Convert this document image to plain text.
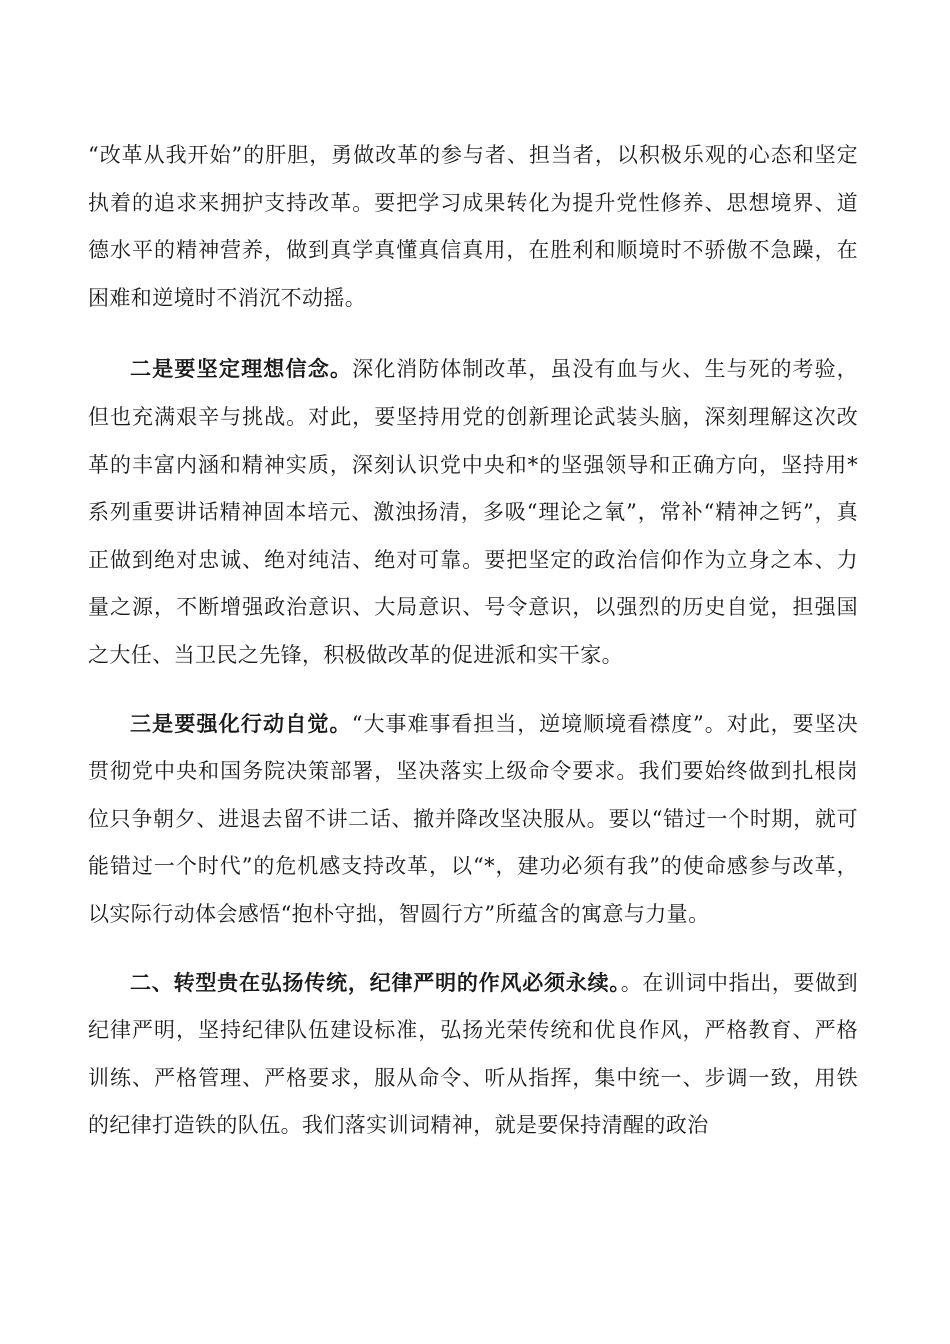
“改革从我开始”的肝胆，勇做改革的参与者、担当者，以积极乐观的心态和坚定执着的追求来拥护支持改革。要把学习成果转化为提升党性修养、思想境界、道德水平的精神营养，做到真学真懂真信真用，在胜利和顺境时不骄傲不急躁，在困难和逆境时不消沉不动摇。

二是要坚定理想信念。深化消防体制改革，虽没有血与火、生与死的考验，但也充满艰辛与挑战。对此，要坚持用党的创新理论武装头脑，深刻理解这次改革的丰富内涵和精神实质，深刻认识党中央和*的坚强领导和正确方向，坚持用*系列重要讲话精神固本培元、激浊扬清，多吸“理论之氧”，常补“精神之钙”，真正做到绝对忠诚、绝对纯洁、绝对可靠。要把坚定的政治信仰作为立身之本、力量之源，不断增强政治意识、大局意识、号令意识，以强烈的历史自觉，担强国之大任、当卫民之先锋，积极做改革的促进派和实干家。

三是要强化行动自觉。“大事难事看担当，逆境顺境看襟度”。对此，要坚决贯彻党中央和国务院决策部署，坚决落实上级命令要求。我们要始终做到扎根岗位只争朝夕、进退去留不讲二话、撤并降改坚决服从。要以“错过一个时期，就可能错过一个时代”的危机感支持改革，以“*，建功必须有我”的使命感参与改革，以实际行动体会感悟“抱朴守拙，智圆行方”所蕴含的寓意与力量。

二、转型贵在弘扬传统，纪律严明的作风必须永续。。在训词中指出，要做到纪律严明，坚持纪律队伍建设标准，弘扬光荣传统和优良作风，严格教育、严格训练、严格管理、严格要求，服从命令、听从指挥，集中统一、步调一致，用铁的纪律打造铁的队伍。我们落实训词精神，就是要保持清醒的政治
